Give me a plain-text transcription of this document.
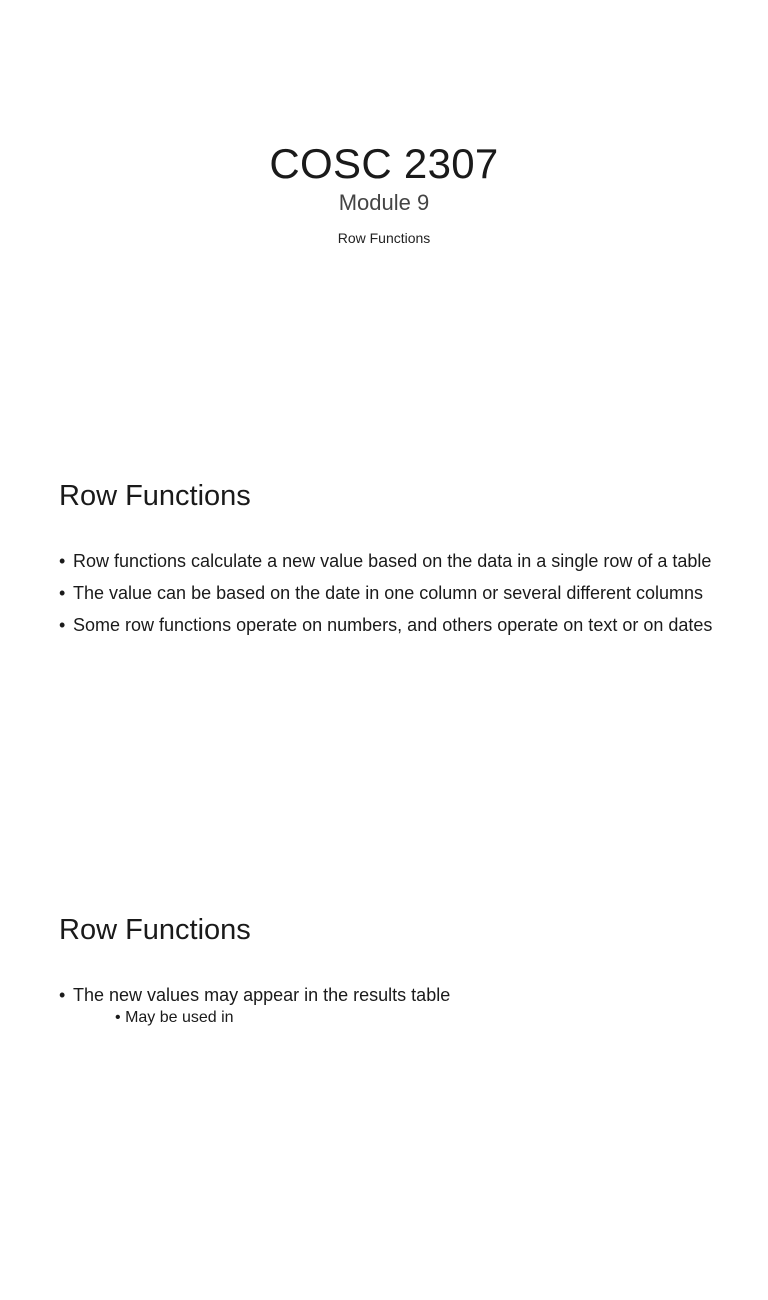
COSC 2307
Module 9
Row Functions
Row Functions
• Row functions calculate a new value based on the data in a single row of a table
• The value can be based on the date in one column or several different columns
• Some row functions operate on numbers, and others operate on text or on dates
Row Functions
• The new values may appear in the results table
• May be used in
